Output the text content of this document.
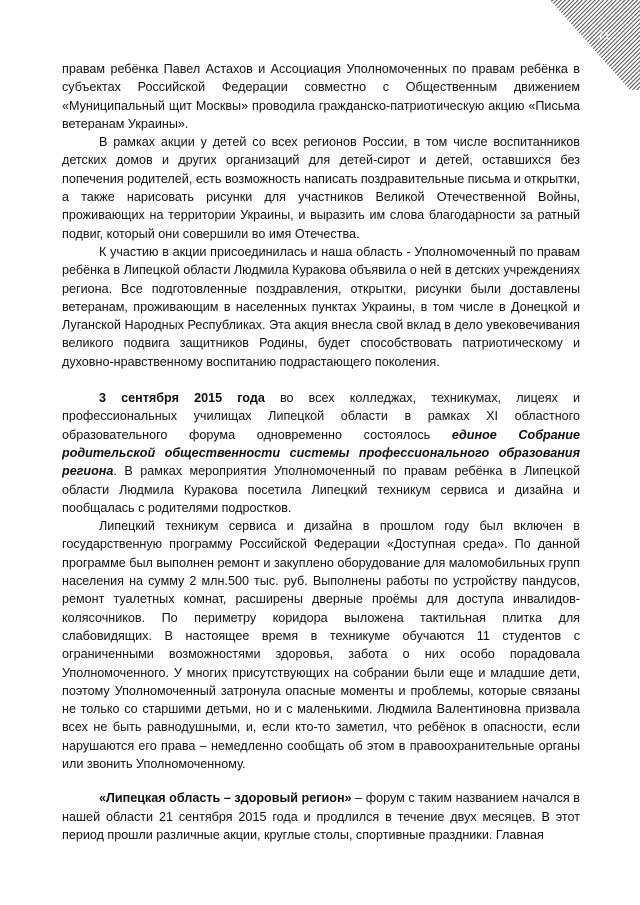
71

правам ребёнка Павел Астахов и Ассоциация Уполномоченных по правам ребёнка в субъектах Российской Федерации совместно с Общественным движением «Муниципальный щит Москвы» проводила гражданско-патриотическую акцию «Письма ветеранам Украины».

В рамках акции у детей со всех регионов России, в том числе воспитанников детских домов и других организаций для детей-сирот и детей, оставшихся без попечения родителей, есть возможность написать поздравительные письма и открытки, а также нарисовать рисунки для участников Великой Отечественной Войны, проживающих на территории Украины, и выразить им слова благодарности за ратный подвиг, который они совершили во имя Отечества.

К участию в акции присоединилась и наша область - Уполномоченный по правам ребёнка в Липецкой области Людмила Куракова объявила о ней в детских учреждениях региона. Все подготовленные поздравления, открытки, рисунки были доставлены ветеранам, проживающим в населенных пунктах Украины, в том числе в Донецкой и Луганской Народных Республиках. Эта акция внесла свой вклад в дело увековечивания великого подвига защитников Родины, будет способствовать патриотическому и духовно-нравственному воспитанию подрастающего поколения.

3 сентября 2015 года во всех колледжах, техникумах, лицеях и профессиональных училищах Липецкой области в рамках XI областного образовательного форума одновременно состоялось единое Собрание родительской общественности системы профессионального образования региона. В рамках мероприятия Уполномоченный по правам ребёнка в Липецкой области Людмила Куракова посетила Липецкий техникум сервиса и дизайна и пообщалась с родителями подростков.

Липецкий техникум сервиса и дизайна в прошлом году был включен в государственную программу Российской Федерации «Доступная среда». По данной программе был выполнен ремонт и закуплено оборудование для маломобильных групп населения на сумму 2 млн.500 тыс. руб. Выполнены работы по устройству пандусов, ремонт туалетных комнат, расширены дверные проёмы для доступа инвалидов-колясочников. По периметру коридора выложена тактильная плитка для слабовидящих. В настоящее время в техникуме обучаются 11 студентов с ограниченными возможностями здоровья, забота о них особо порадовала Уполномоченного. У многих присутствующих на собрании были еще и младшие дети, поэтому Уполномоченный затронула опасные моменты и проблемы, которые связаны не только со старшими детьми, но и с маленькими. Людмила Валентиновна призвала всех не быть равнодушными, и, если кто-то заметил, что ребёнок в опасности, если нарушаются его права – немедленно сообщать об этом в правоохранительные органы или звонить Уполномоченному.

«Липецкая область – здоровый регион» – форум с таким названием начался в нашей области 21 сентября 2015 года и продлился в течение двух месяцев. В этот период прошли различные акции, круглые столы, спортивные праздники. Главная
